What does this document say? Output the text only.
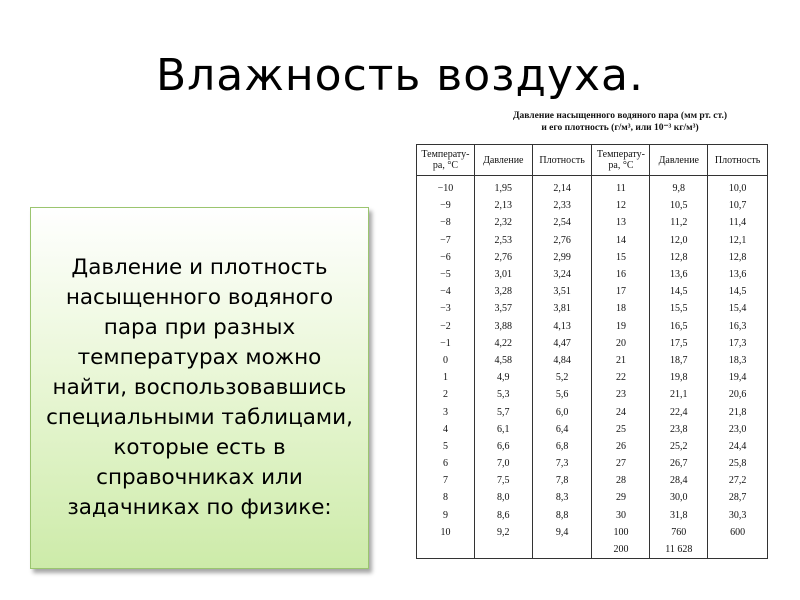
Влажность воздуха.

Давление и плотность насыщенного водяного пара при разных температурах можно найти, воспользовавшись специальными таблицами, которые есть в справочниках или задачниках по физике:

Давление насыщенного водяного пара (мм рт. ст.)
и его плотность (г/м³, или 10⁻³ кг/м³)
Температу-ра, °С	Давление	Плотность	Температу-ра, °С	Давление	Плотность
−10	1,95	2,14	11	9,8	10,0
−9	2,13	2,33	12	10,5	10,7
−8	2,32	2,54	13	11,2	11,4
−7	2,53	2,76	14	12,0	12,1
−6	2,76	2,99	15	12,8	12,8
−5	3,01	3,24	16	13,6	13,6
−4	3,28	3,51	17	14,5	14,5
−3	3,57	3,81	18	15,5	15,4
−2	3,88	4,13	19	16,5	16,3
−1	4,22	4,47	20	17,5	17,3
0	4,58	4,84	21	18,7	18,3
1	4,9	5,2	22	19,8	19,4
2	5,3	5,6	23	21,1	20,6
3	5,7	6,0	24	22,4	21,8
4	6,1	6,4	25	23,8	23,0
5	6,6	6,8	26	25,2	24,4
6	7,0	7,3	27	26,7	25,8
7	7,5	7,8	28	28,4	27,2
8	8,0	8,3	29	30,0	28,7
9	8,6	8,8	30	31,8	30,3
10	9,2	9,4	100	760	600
			200	11 628	
